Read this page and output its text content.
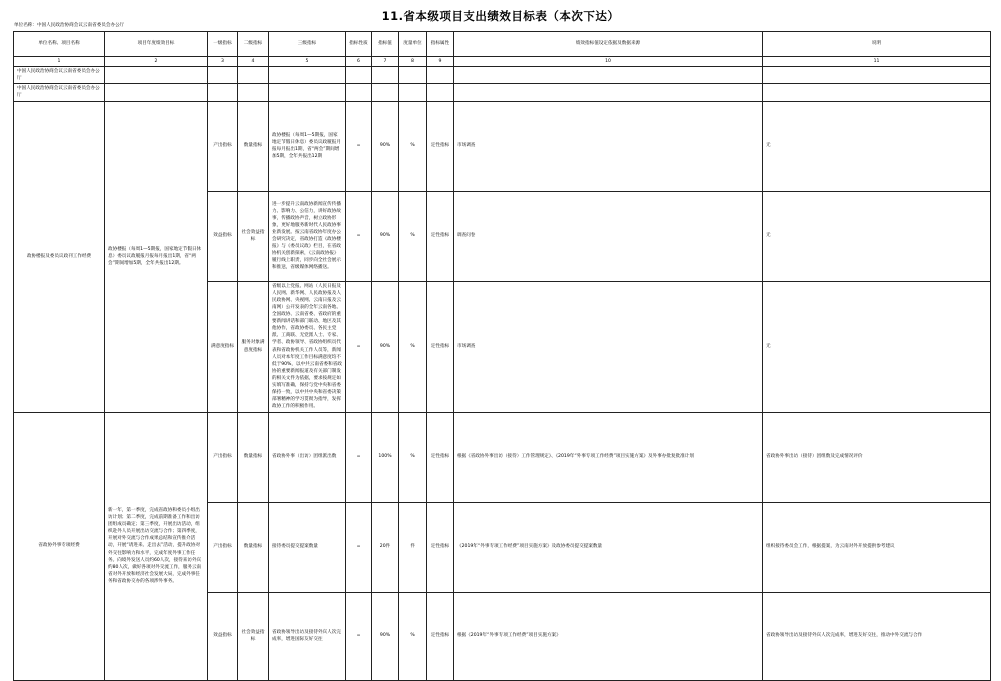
11.省本级项目支出绩效目标表（本次下达）
单位名称：中国人民政治协商会议云南省委员会办公厅
单位名称、项目名称	项目年度绩效目标	一级指标	二级指标	三级指标	指标性质	指标值	度量单位	指标属性	绩效指标值设定依据及数据来源	说明
1	2	3	4	5	6	7	8	9	10	11
中国人民政治协商会议云南省委员会办公厅										
中国人民政治协商会议云南省委员会办公厅										
政协楼报及委员议政刊工作经费	政协楼报（每周1—5期报，国家地定节假日休息）委员议政履报月报每月报出1期，省“两会”期间增加5期，全年共报出12期。	产出指标	数量指标	政协楼报（每周1—5期报，国家地定节假日休息）委员议政履报月报每月报出1期，省“两会”期间增加5期，全年共报出12期	=	90%	%	定性指标	市场调查	无
		效益指标	社会效益指标	进一步提升云南政协新闻宣传传播力、影响力、公信力，讲好政协故事，传播政协声音，树立政协形象，更好地服务新时代人民政协事业新发展。按云南省政协年度办公会研究决定，省政协打造《政协楼报》与《委员议政》栏目，在省政协机关创新探索，《云南政协报》履行线上职责，同步向全社会展示和推送，省级媒体网络播送。	=	90%	%	定性指标	调查问卷	无
		满意度指标	服务对象满意度指标	省级以上党报、网站（人民日报及人民网、新华网、人民政协报及人民政协网、央视网、云南日报及云南网）公开发表的全年云南各地、全国政协、云南省委、省政府的重要新闻讲话和部门联动、地区及其他协作，省政协委员、各民主党派、工商联、无党派人士、专家、学者、政协领导、省政协组织员代表和省政协机关工作人员等，新闻人员对本年度工作目标满意度均不低于90%，以中共云南省委和省政协的重要新闻报道及有关部门制发的相关文件为依据，要求按规定如实填写准确，保持与党中央和省委保持一致，以中共中央和省委决策部署精神的学习贯彻为指导，发挥政协工作的积极作用。	=	90%	%	定性指标	市场调查	无
省政协外事专项经费	新一年，第一季度，完成省政协和委员小组出访计划；第二季度，完成前期准备工作和出访团组成员确定；第三季度，开展出访活动，组织赴外人员开展出访交流与合作；第四季度，开展对外交流与合作成果总结和宣传推介活动，开展“请进来、走出去”活动，提升政协对外交往影响力和水平，完成年度外事工作任务。向境外发送人员约60人次，接待来访外宾约80人次，做好各项对外交流工作，服务云南省对外开放和经济社会发展大局，完成外事任务和省政协交办的各项涉外事务。	产出指标	数量指标	省政协外事（出访）团组派出数	=	100%	%	定性指标	根据《省政协外事出访（接待）工作管理规定》、《2019年“外事专项工作经费”项目实施方案》及外事办批复批准计划	省政协外事出访（接待）团组数及完成情况评价
		产出指标	数量指标	接待委员提交提案数量	=	20件	件	定性指标	《2019年“外事专项工作经费”项目实施方案》及政协委员提交提案数量	组织接待委员会工作，根据提案，为云南对外开放提供参考建议
		效益指标	社会效益指标	省政协领导出访及接待外宾人次完成率，增进国际友好交往	=	90%	%	定性指标	根据《2019年“外事专项工作经费”项目实施方案》	省政协领导出访及接待外宾人次完成率，增进友好交往，推动中外交流与合作
